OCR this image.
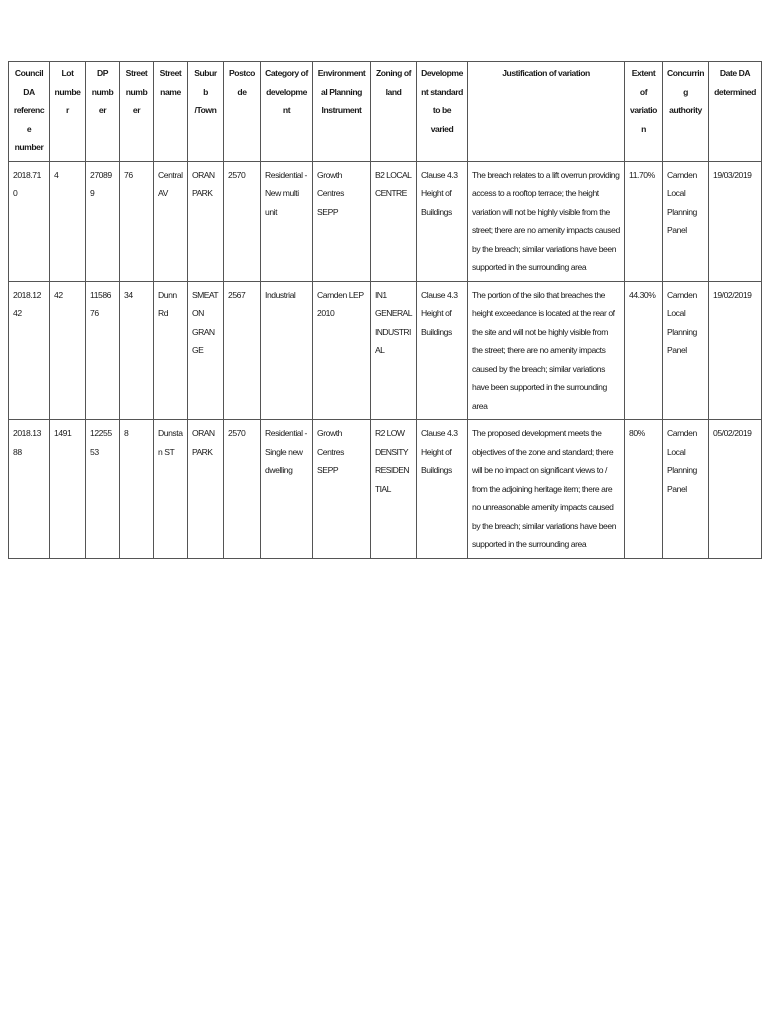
Council DA reference number	Lot number	DP number	Street number	Street name	Suburb /Town	Postcode	Category of development	Environmental Planning Instrument	Zoning of land	Development standard to be varied	Justification of variation	Extent of variation	Concurring authority	Date DA determined
2018.710	4	270899	76	Central AV	ORAN PARK	2570	Residential - New multi unit	Growth Centres SEPP	B2 LOCAL CENTRE	Clause 4.3 Height of Buildings	The breach relates to a lift overrun providing access to a rooftop terrace; the height variation will not be highly visible from the street; there are no amenity impacts caused by the breach; similar variations have been supported in the surrounding area	11.70%	Camden Local Planning Panel	19/03/2019
2018.1242	42	1158676	34	Dunn Rd	SMEATON GRANGE	2567	Industrial	Camden LEP 2010	IN1 GENERAL INDUSTRIAL	Clause 4.3 Height of Buildings	The portion of the silo that breaches the height exceedance is located at the rear of the site and will not be highly visible from the street; there are no amenity impacts caused by the breach; similar variations have been supported in the surrounding area	44.30%	Camden Local Planning Panel	19/02/2019
2018.1388	1491	1225553	8	Dunstan ST	ORAN PARK	2570	Residential - Single new dwelling	Growth Centres SEPP	R2 LOW DENSITY RESIDENTIAL	Clause 4.3 Height of Buildings	The proposed development meets the objectives of the zone and standard; there will be no impact on significant views to / from the adjoining heritage item; there are no unreasonable amenity impacts caused by the breach; similar variations have been supported in the surrounding area	80%	Camden Local Planning Panel	05/02/2019
